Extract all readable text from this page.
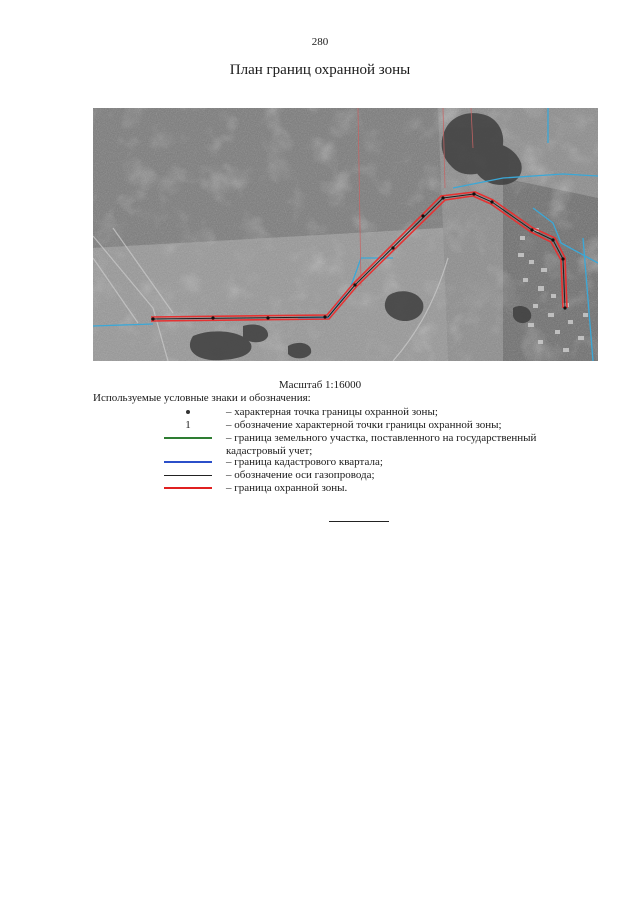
280
План границ охранной зоны
Масштаб 1:16000
Используемые условные знаки и обозначения:
– характерная точка границы охранной зоны;
1	– обозначение характерной точки границы охранной зоны;
– граница земельного участка, поставленного на государственный кадастровый учет;
– граница кадастрового квартала;
– обозначение оси газопровода;
– граница охранной зоны.
